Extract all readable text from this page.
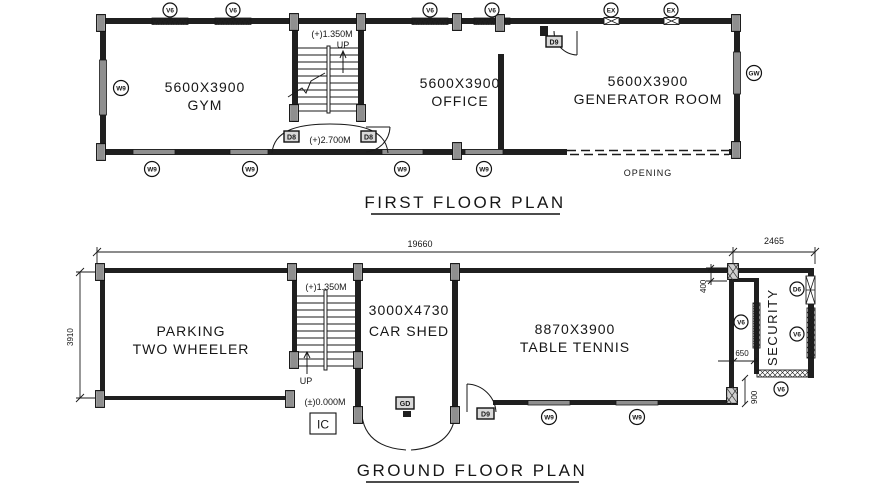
5600X3900
GYM
5600X3900
OFFICE
5600X3900
GENERATOR ROOM
(+)1.350M
UP
(+)2.700M
OPENING
D8	D8
D9
V6	V6	V6	V6	EX	EX
W9
W9	W9	W9	W9
GW
FIRST FLOOR PLAN
PARKING
TWO WHEELER
3000X4730
CAR SHED	8870X3900
TABLE TENNIS	SECURITY
(+)1.350M
UP
(±)0.000M
IC
GD
D9	W9	W9
D6
V6
V6
V6
GROUND FLOOR PLAN
19660	2465
3910
400
650
900
